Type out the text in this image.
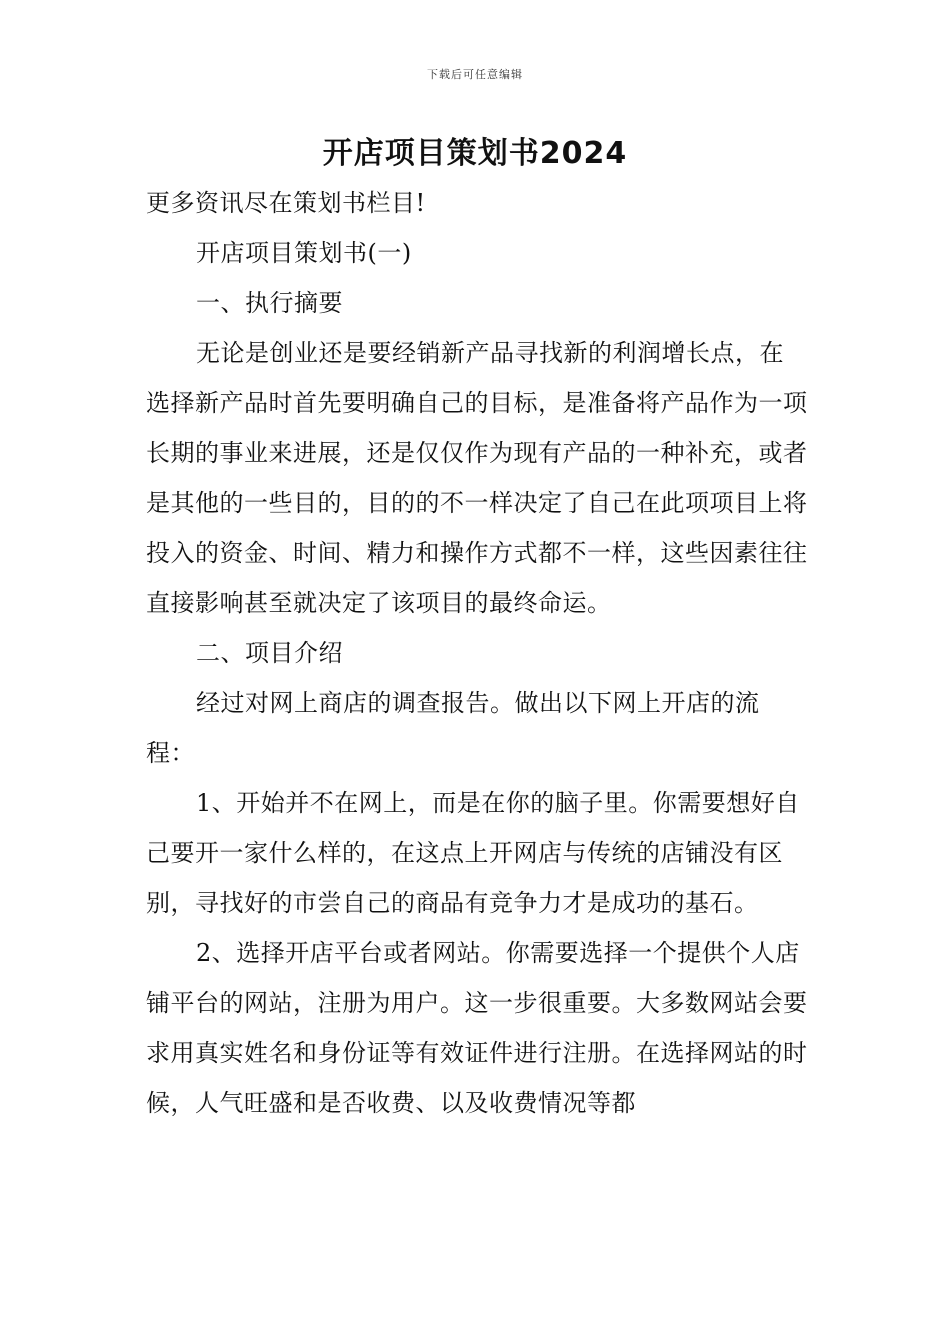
下载后可任意编辑
开店项目策划书2024

更多资讯尽在策划书栏目!

开店项目策划书(一)

一、执行摘要

无论是创业还是要经销新产品寻找新的利润增长点，在选择新产品时首先要明确自己的目标，是准备将产品作为一项长期的事业来进展，还是仅仅作为现有产品的一种补充，或者是其他的一些目的，目的的不一样决定了自己在此项项目上将投入的资金、时间、精力和操作方式都不一样，这些因素往往直接影响甚至就决定了该项目的最终命运。

二、项目介绍

经过对网上商店的调查报告。做出以下网上开店的流程：

1、开始并不在网上，而是在你的脑子里。你需要想好自己要开一家什么样的，在这点上开网店与传统的店铺没有区别，寻找好的市尝自己的商品有竞争力才是成功的基石。

2、选择开店平台或者网站。你需要选择一个提供个人店铺平台的网站，注册为用户。这一步很重要。大多数网站会要求用真实姓名和身份证等有效证件进行注册。在选择网站的时候，人气旺盛和是否收费、以及收费情况等都
